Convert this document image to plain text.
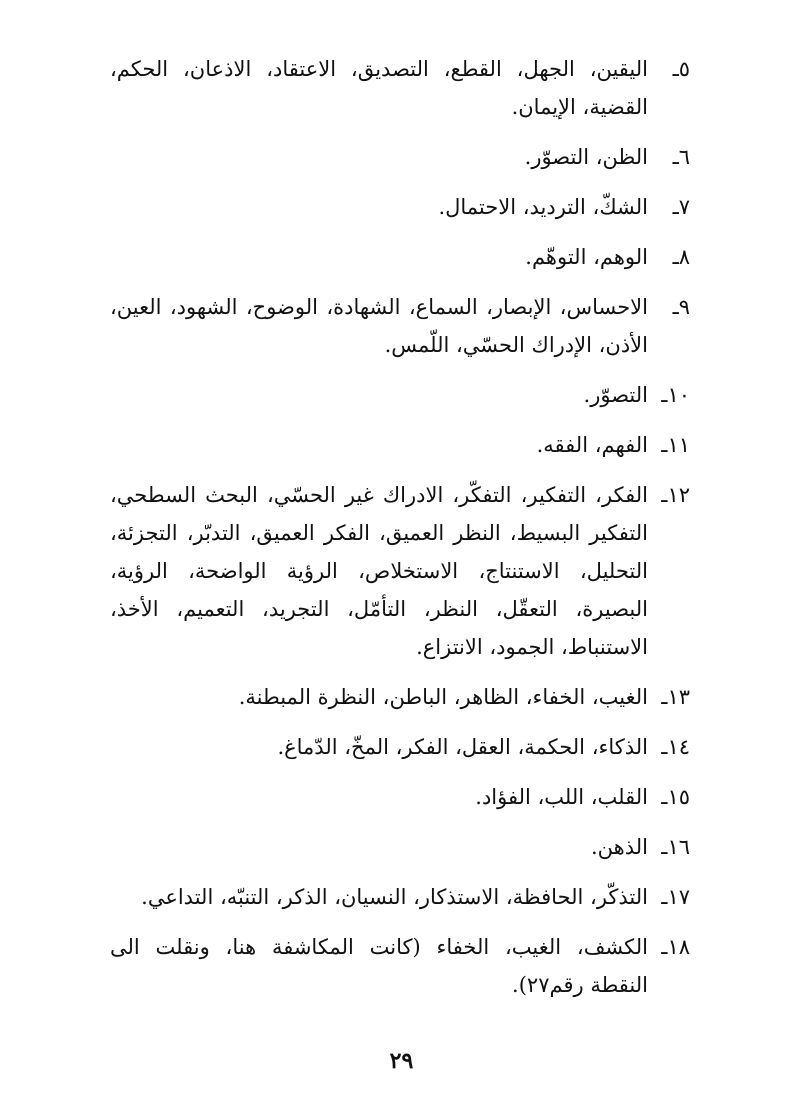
٥ـ
اليقين، الجهل، القطع، التصديق، الاعتقاد، الاذعان، الحكم، القضية، الإيمان.
٦ـ
الظن، التصوّر.
٧ـ
الشكّ، الترديد، الاحتمال.
٨ـ
الوهم، التوهّم.
٩ـ
الاحساس، الإبصار، السماع، الشهادة، الوضوح، الشهود، العين، الأذن، الإدراك الحسّي، اللّمس.
١٠ـ
التصوّر.
١١ـ
الفهم، الفقه.
١٢ـ
الفكر، التفكير، التفكّر، الادراك غير الحسّي، البحث السطحي، التفكير البسيط، النظر العميق، الفكر العميق، التدبّر، التجزئة، التحليل، الاستنتاج، الاستخلاص، الرؤية الواضحة، الرؤية، البصيرة، التعقّل، النظر، التأمّل، التجريد، التعميم، الأخذ، الاستنباط، الجمود، الانتزاع.
١٣ـ
الغيب، الخفاء، الظاهر، الباطن، النظرة المبطنة.
١٤ـ
الذكاء، الحكمة، العقل، الفكر، المخّ، الدّماغ.
١٥ـ
القلب، اللب، الفؤاد.
١٦ـ
الذهن.
١٧ـ
التذكّر، الحافظة، الاستذكار، النسيان، الذكر، التنبّه، التداعي.
١٨ـ
الكشف، الغيب، الخفاء (كانت المكاشفة هنا، ونقلت الى النقطة رقم٢٧).
٢٩
